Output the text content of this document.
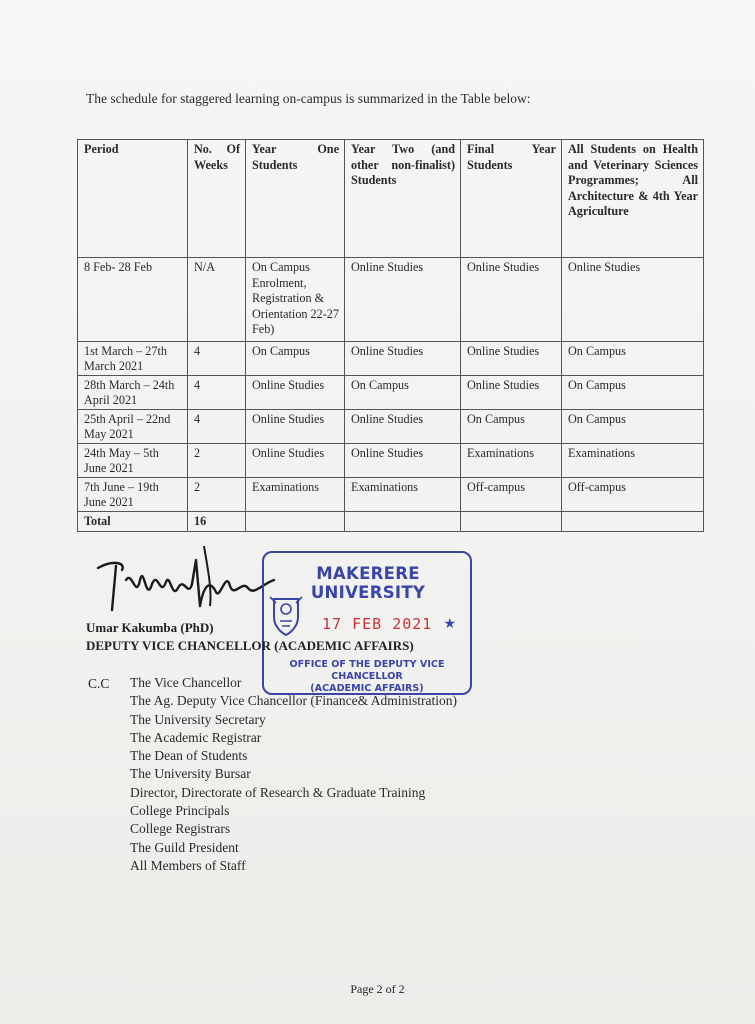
The schedule for staggered learning on-campus is summarized in the Table below:
Period	No. Of Weeks	Year One Students	Year Two (and other non-finalist) Students	Final Year Students	All Students on Health and Veterinary Sciences Programmes; All Architecture & 4th Year Agriculture
8 Feb- 28 Feb	N/A	On Campus Enrolment, Registration & Orientation 22-27 Feb)	Online Studies	Online Studies	Online Studies
1st March – 27th March 2021	4	On Campus	Online Studies	Online Studies	On Campus
28th March – 24th April 2021	4	Online Studies	On Campus	Online Studies	On Campus
25th April – 22nd May 2021	4	Online Studies	Online Studies	On Campus	On Campus
24th May – 5th June 2021	2	Online Studies	Online Studies	Examinations	Examinations
7th June – 19th June 2021	2	Examinations	Examinations	Off-campus	Off-campus
Total	16				
MAKERERE UNIVERSITY
17 FEB 2021 ★
OFFICE OF THE DEPUTY VICE CHANCELLOR
(ACADEMIC AFFAIRS)
Umar Kakumba (PhD)
DEPUTY VICE CHANCELLOR (ACADEMIC AFFAIRS)
C.C The Vice Chancellor
The Ag. Deputy Vice Chancellor (Finance& Administration)
The University Secretary
The Academic Registrar
The Dean of Students
The University Bursar
Director, Directorate of Research & Graduate Training
College Principals
College Registrars
The Guild President
All Members of Staff
Page 2 of 2
